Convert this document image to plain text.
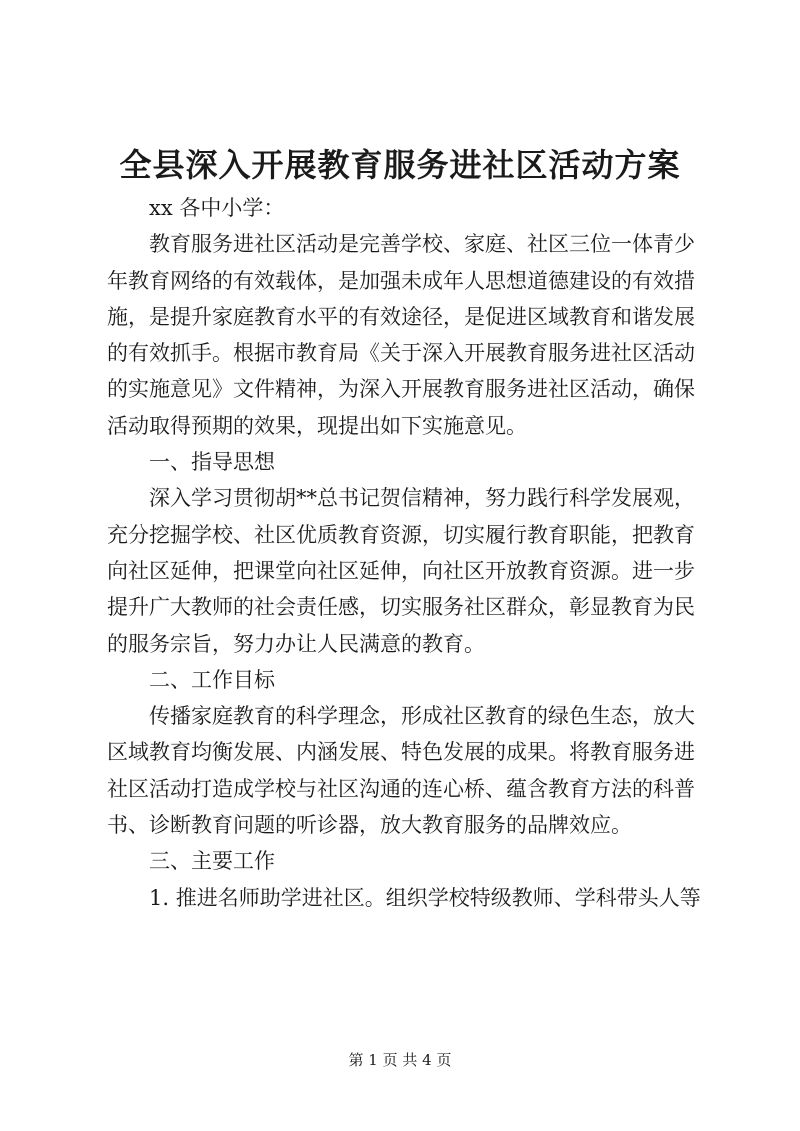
全县深入开展教育服务进社区活动方案

xx 各中小学：

教育服务进社区活动是完善学校、家庭、社区三位一体青少
年教育网络的有效载体，是加强未成年人思想道德建设的有效措
施，是提升家庭教育水平的有效途径，是促进区域教育和谐发展
的有效抓手。根据市教育局《关于深入开展教育服务进社区活动
的实施意见》文件精神，为深入开展教育服务进社区活动，确保
活动取得预期的效果，现提出如下实施意见。

一、指导思想

深入学习贯彻胡**总书记贺信精神，努力践行科学发展观，
充分挖掘学校、社区优质教育资源，切实履行教育职能，把教育
向社区延伸，把课堂向社区延伸，向社区开放教育资源。进一步
提升广大教师的社会责任感，切实服务社区群众，彰显教育为民
的服务宗旨，努力办让人民满意的教育。

二、工作目标

传播家庭教育的科学理念，形成社区教育的绿色生态，放大
区域教育均衡发展、内涵发展、特色发展的成果。将教育服务进
社区活动打造成学校与社区沟通的连心桥、蕴含教育方法的科普
书、诊断教育问题的听诊器，放大教育服务的品牌效应。

三、主要工作

1. 推进名师助学进社区。组织学校特级教师、学科带头人等

第 1 页 共 4 页
